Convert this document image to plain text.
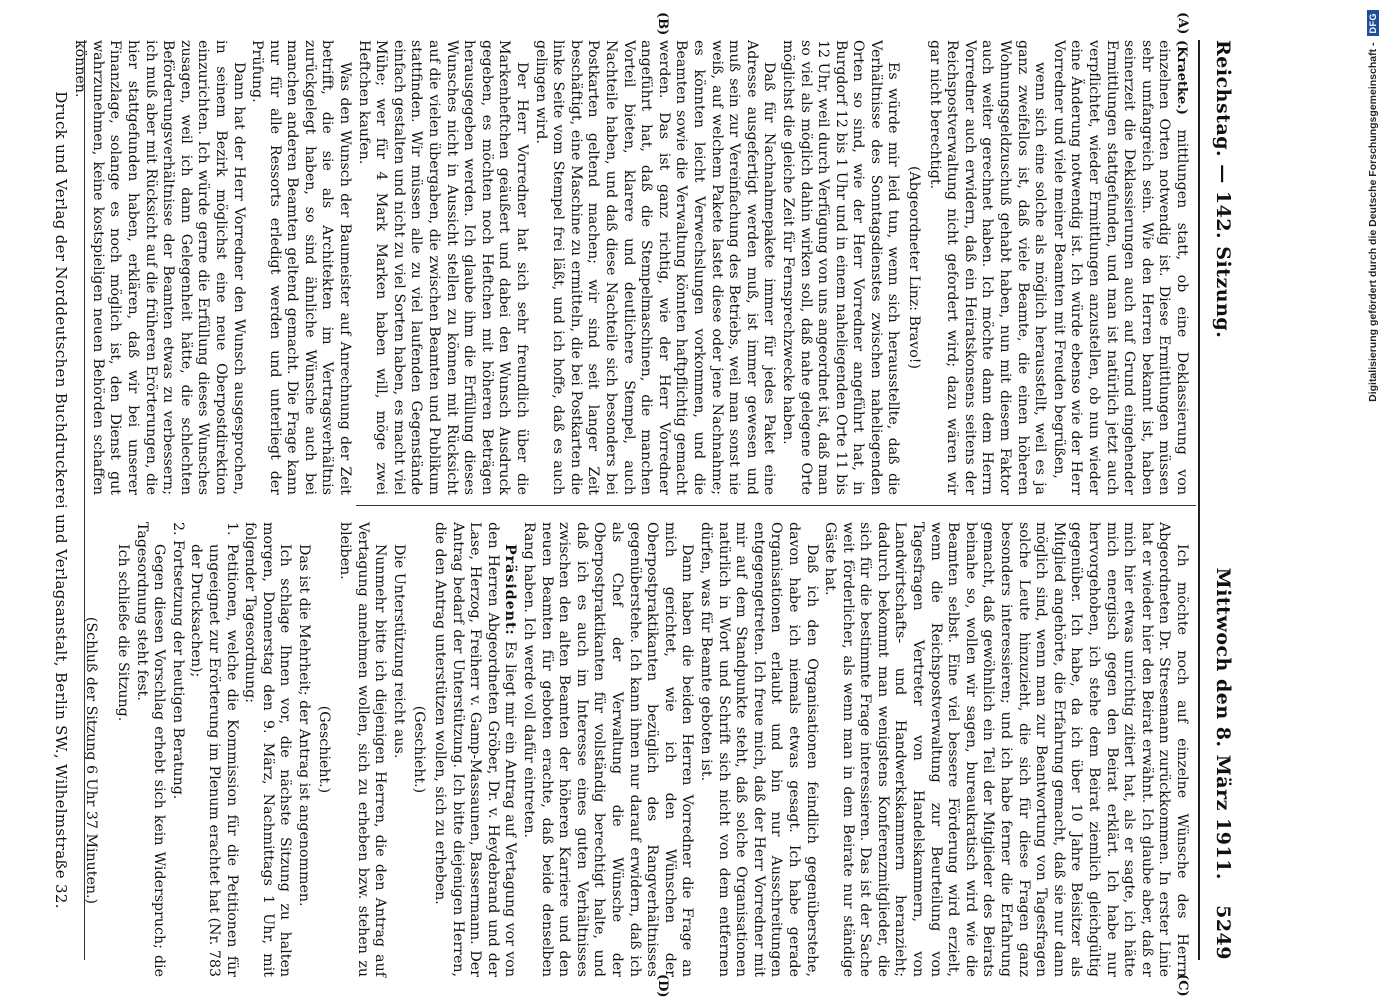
Reichstag. — 142. Sitzung.
Mittwoch den 8. März 1911.
5249
(A)
(B)
(C)
(D)

(Kraetke.) mittlungen statt, ob eine Deklassierung von einzelnen Orten notwendig ist. Diese Ermittlungen müssen sehr umfangreich sein. Wie den Herren bekannt ist, haben seinerzeit die Deklassierungen auch auf Grund eingehender Ermittlungen stattgefunden, und man ist natürlich jetzt auch verpflichtet, wieder Ermittlungen anzustellen, ob nun wieder eine Änderung notwendig ist. Ich würde ebenso wie der Herr Vorredner und viele meiner Beamten mit Freuden begrüßen,

wenn sich eine solche als möglich herausstellt, weil es ja ganz zweifellos ist, daß viele Beamte, die einen höheren Wohnungsgeldzuschuß gehabt haben, nun mit diesem Faktor auch weiter gerechnet haben. Ich möchte dann dem Herrn Vorredner auch erwidern, daß ein Heiratskonsens seitens der Reichspostverwaltung nicht gefordert wird; dazu wären wir gar nicht berechtigt.

(Abgeordneter Linz: Bravo!)

Es würde mir leid tun, wenn sich herausstellte, daß die Verhältnisse des Sonntagsdienstes zwischen naheliegenden Orten so sind, wie der Herr Vorredner angeführt hat, in Burgdorf 12 bis 1 Uhr und in einem naheliegenden Orte 11 bis 12 Uhr, weil durch Verfügung von uns angeordnet ist, daß man so viel als möglich dahin wirken soll, daß nahe gelegene Orte möglichst die gleiche Zeit für Fernsprechzwecke haben.

Daß für Nachnahmepakete immer für jedes Paket eine Adresse ausgefertigt werden muß, ist immer gewesen und muß sein zur Vereinfachung des Betriebs, weil man sonst nie weiß, auf welchem Pakete lastet diese oder jene Nachnahme; es könnten leicht Verwechslungen vorkommen, und die Beamten sowie die Verwaltung könnten haftpflichtig gemacht werden. Das ist ganz richtig, wie der Herr Vorredner angeführt hat, daß die Stempelmaschinen, die manchen Vorteil bieten, klarere und deutlichere Stempel, auch Nachteile haben, und daß diese Nachteile sich besonders bei Postkarten geltend machen; wir sind seit langer Zeit beschäftigt, eine Maschine zu ermitteln, die bei Postkarten die linke Seite vom Stempel frei läßt, und ich hoffe, daß es auch gelingen wird.

Der Herr Vorredner hat sich sehr freundlich über die Markenheftchen geäußert und dabei den Wunsch Ausdruck gegeben, es möchten noch Heftchen mit höheren Beträgen herausgegeben werden. Ich glaube ihm die Erfüllung dieses Wunsches nicht in Aussicht stellen zu können mit Rücksicht auf die vielen übergaben, die zwischen Beamten und Publikum stattfinden. Wir müssen alle zu viel laufenden Gegenstände einfach gestalten und nicht zu viel Sorten haben, es macht viel Mühe; wer für 4 Mark Marken haben will, möge zwei Heftchen kaufen.

Was den Wunsch der Baumeister auf Anrechnung der Zeit betrifft, die sie als Architekten im Vertragsverhältnis zurückgelegt haben, so sind ähnliche Wünsche auch bei manchen anderen Beamten geltend gemacht. Die Frage kann nur für alle Ressorts erledigt werden und unterliegt der Prüfung.

Dann hat der Herr Vorredner den Wunsch ausgesprochen, in seinem Bezirk möglichst eine neue Oberpostdirektion einzurichten. Ich würde gerne die Erfüllung dieses Wunsches zusagen, weil ich dann Gelegenheit hätte, die schlechten Beförderungsverhältnisse der Beamten etwas zu verbessern; ich muß aber mit Rücksicht auf die früheren Erörterungen, die hier stattgefunden haben, erklären, daß wir bei unserer Finanzlage, solange es noch möglich ist, den Dienst gut wahrzunehmen, keine kostspieligen neuen Behörden schaffen können.

Ich möchte noch auf einzelne Wünsche des Herrn Abgeordneten Dr. Stresemann zurückkommen. In erster Linie hat er wieder hier den Beirat erwähnt. Ich glaube aber, daß er mich hier etwas unrichtig zitiert hat, als er sagte, ich hätte mich energisch gegen den Beirat erklärt. Ich habe nur hervorgehoben, ich stehe dem Beirat ziemlich gleichgültig gegenüber. Ich habe, da ich über 10 Jahre Beisitzer als Mitglied angehörte, die Erfahrung gemacht, daß sie nur dann möglich sind, wenn man zur Beantwortung von Tagesfragen solche Leute hinzuzieht, die sich für diese Fragen ganz besonders interessieren; und ich habe ferner die Erfahrung gemacht, daß gewöhnlich ein Teil der Mitglieder des Beirats beinahe so, wollen wir sagen, bureaukratisch wird wie die Beamten selbst. Eine viel bessere Förderung wird erzielt, wenn die Reichspostverwaltung zur Beurteilung von Tagesfragen Vertreter von Handelskammern, von Landwirtschafts- und Handwerkskammern heranzieht; dadurch bekommt man wenigstens Konferenzmitglieder, die sich für die bestimmte Frage interessieren. Das ist der Sache weit förderlicher, als wenn man in dem Beirate nur ständige Gäste hat.

Daß ich den Organisationen feindlich gegenüberstehe, davon habe ich niemals etwas gesagt. Ich habe gerade Organisationen erlaubt und bin nur Ausschreitungen entgegengetreten. Ich freue mich, daß der Herr Vorredner mit mir auf dem Standpunkte steht, daß solche Organisationen natürlich in Wort und Schrift sich nicht von dem entfernen dürfen, was für Beamte geboten ist.

Dann haben die beiden Herren Vorredner die Frage an mich gerichtet, wie ich den Wünschen der Oberpostpraktikanten bezüglich des Rangverhältnisses gegenüberstehe. Ich kann ihnen nur darauf erwidern, daß ich als Chef der Verwaltung die Wünsche der Oberpostpraktikanten für vollständig berechtigt halte, und daß ich es auch im Interesse eines guten Verhältnisses zwischen den alten Beamten der höheren Karriere und den neuen Beamten für geboten erachte, daß beide denselben Rang haben. Ich werde voll dafür eintreten.

Präsident: Es liegt mir ein Antrag auf Vertagung vor von den Herren Abgeordneten Gröber, Dr. v. Heydebrand und der Lase, Herzog, Freiherr v. Gamp-Massaunen, Bassermann. Der Antrag bedarf der Unterstützung. Ich bitte diejenigen Herren, die den Antrag unterstützen wollen, sich zu erheben.

(Geschieht.)

Die Unterstützung reicht aus.

Nunmehr bitte ich diejenigen Herren, die den Antrag auf Vertagung annehmen wollen, sich zu erheben bzw. stehen zu bleiben.

(Geschieht.)

Das ist die Mehrheit; der Antrag ist angenommen.

Ich schlage Ihnen vor, die nächste Sitzung zu halten morgen, Donnerstag den 9. März, Nachmittags 1 Uhr, mit folgender Tagesordnung:

1. Petitionen, welche die Kommission für die Petitionen für ungeeignet zur Erörterung im Plenum erachtet hat (Nr. 783 der Drucksachen);

2. Fortsetzung der heutigen Beratung.

Gegen diesen Vorschlag erhebt sich kein Widerspruch; die Tagesordnung steht fest.

Ich schließe die Sitzung.

(Schluß der Sitzung 6 Uhr 37 Minuten.)

Druck und Verlag der Norddeutschen Buchdruckerei und Verlagsanstalt, Berlin SW., Wilhelmstraße 32.	Digitalisierung gefördert durch die Deutsche Forschungsgemeinschaft -
DFG
